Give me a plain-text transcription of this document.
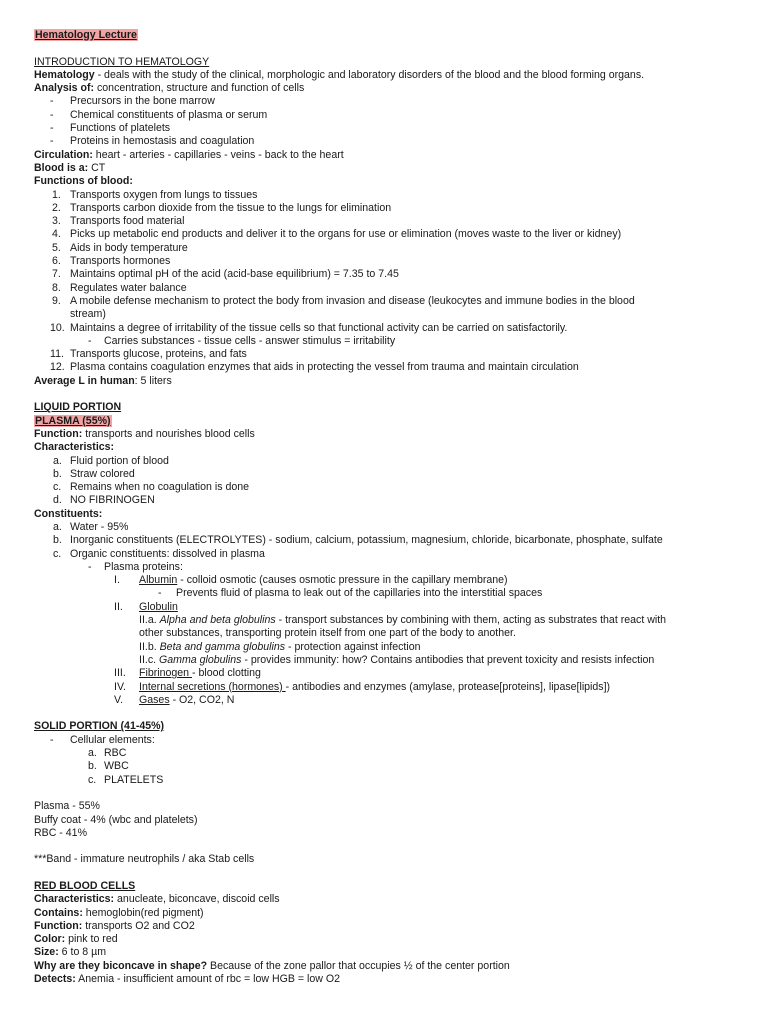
Hematology Lecture
INTRODUCTION TO HEMATOLOGY
Hematology - deals with the study of the clinical, morphologic and laboratory disorders of the blood and the blood forming organs.
Analysis of: concentration, structure and function of cells
- Precursors in the bone marrow
- Chemical constituents of plasma or serum
- Functions of platelets
- Proteins in hemostasis and coagulation
Circulation: heart - arteries - capillaries - veins - back to the heart
Blood is a: CT
Functions of blood:
1. Transports oxygen from lungs to tissues
2. Transports carbon dioxide from the tissue to the lungs for elimination
3. Transports food material
4. Picks up metabolic end products and deliver it to the organs for use or elimination (moves waste to the liver or kidney)
5. Aids in body temperature
6. Transports hormones
7. Maintains optimal pH of the acid (acid-base equilibrium) = 7.35 to 7.45
8. Regulates water balance
9. A mobile defense mechanism to protect the body from invasion and disease (leukocytes and immune bodies in the blood
stream)
10. Maintains a degree of irritability of the tissue cells so that functional activity can be carried on satisfactorily.
- Carries substances - tissue cells - answer stimulus = irritability
11. Transports glucose, proteins, and fats
12. Plasma contains coagulation enzymes that aids in protecting the vessel from trauma and maintain circulation
Average L in human: 5 liters
LIQUID PORTION
PLASMA (55%)
Function: transports and nourishes blood cells
Characteristics:
a. Fluid portion of blood
b. Straw colored
c. Remains when no coagulation is done
d. NO FIBRINOGEN
Constituents:
a. Water - 95%
b. Inorganic constituents (ELECTROLYTES) - sodium, calcium, potassium, magnesium, chloride, bicarbonate, phosphate, sulfate
c. Organic constituents: dissolved in plasma
- Plasma proteins:
I. Albumin - colloid osmotic (causes osmotic pressure in the capillary membrane)
- Prevents fluid of plasma to leak out of the capillaries into the interstitial spaces
II. Globulin
II.a. Alpha and beta globulins - transport substances by combining with them, acting as substrates that react with
other substances, transporting protein itself from one part of the body to another.
II.b. Beta and gamma globulins - protection against infection
II.c. Gamma globulins - provides immunity: how? Contains antibodies that prevent toxicity and resists infection
III. Fibrinogen - blood clotting
IV. Internal secretions (hormones) - antibodies and enzymes (amylase, protease[proteins], lipase[lipids])
V. Gases - O2, CO2, N
SOLID PORTION (41-45%)
- Cellular elements:
a. RBC
b. WBC
c. PLATELETS
Plasma - 55%
Buffy coat - 4% (wbc and platelets)
RBC - 41%
***Band - immature neutrophils / aka Stab cells
RED BLOOD CELLS
Characteristics: anucleate, biconcave, discoid cells
Contains: hemoglobin(red pigment)
Function: transports O2 and CO2
Color: pink to red
Size: 6 to 8 µm
Why are they biconcave in shape? Because of the zone pallor that occupies ½ of the center portion
Detects: Anemia - insufficient amount of rbc = low HGB = low O2
